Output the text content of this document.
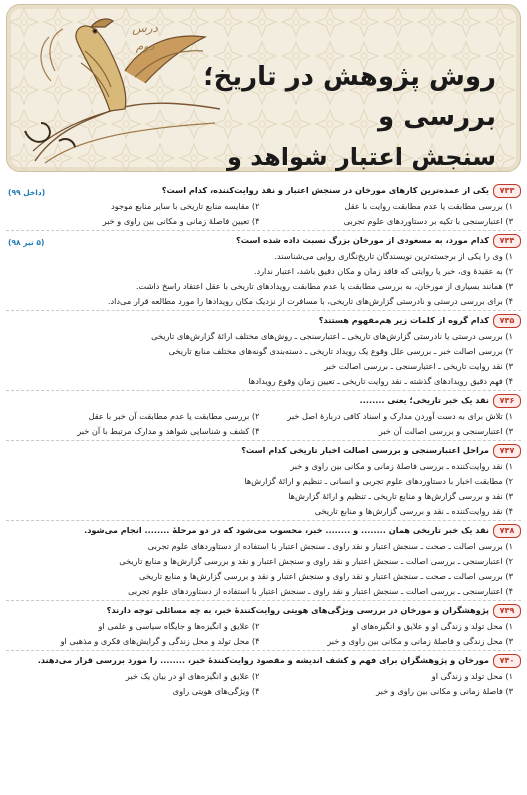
درس دوم
روش پژوهش در تاریخ؛ بررسی و
سنجش اعتبار شواهد و
۷۳۳
یکی از عمده‌ترین کارهای مورخان در سنجش اعتبار و نقد روایت‌کننده، کدام است؟
(داخل ۹۹)
۱) بررسی مطابقت یا عدم مطابقت روایت با عقل
۲) مقایسه منابع تاریخی با سایر منابع موجود
۳) اعتبارسنجی با تکیه بر دستاوردهای علوم تجربی
۴) تعیین فاصلهٔ زمانی و مکانی بین راوی و خبر
۷۳۴
کدام مورد، به مسعودی از مورخان بزرگ نسبت داده شده است؟
(۵ تیر ۹۸)
۱) وی را یکی از برجسته‌ترین نویسندگان تاریخ‌نگاری روایی می‌شناسند.
۲) به عقیدهٔ وی، خبر یا روایتی که فاقد زمان و مکان دقیق باشد، اعتبار ندارد.
۳) همانند بسیاری از مورخان، به بررسی مطابقت یا عدم مطابقت رویدادهای تاریخی با عقل اعتقاد راسخ داشت.
۴) برای بررسی درستی و نادرستی گزارش‌های تاریخی، با مسافرت از نزدیک مکان رویدادها را مورد مطالعه قرار می‌داد.
۷۳۵
کدام گروه از کلمات زیر هم‌مفهوم هستند؟
۱) بررسی درستی یا نادرستی گزارش‌های تاریخی ـ اعتبارسنجی ـ روش‌های مختلف ارائهٔ گزارش‌های تاریخی
۲) بررسی اصالت خبر ـ بررسی علل وقوع یک رویداد تاریخی ـ دسته‌بندی گونه‌های مختلف منابع تاریخی
۳) نقد روایت تاریخی ـ اعتبارسنجی ـ بررسی اصالت خبر
۴) فهم دقیق رویدادهای گذشته ـ نقد روایت تاریخی ـ تعیین زمان وقوع رویدادها
۷۳۶
نقد یک خبر تاریخی؛ یعنی ........
۱) تلاش برای به دست آوردن مدارک و اسناد کافی دربارهٔ اصل خبر
۲) بررسی مطابقت یا عدم مطابقت آن خبر با عقل
۳) اعتبارسنجی و بررسی اصالت آن خبر
۴) کشف و شناسایی شواهد و مدارک مرتبط با آن خبر
۷۳۷
مراحل اعتبارسنجی و بررسی اصالت اخبار تاریخی کدام است؟
۱) نقد روایت‌کننده ـ بررسی فاصلهٔ زمانی و مکانی بین راوی و خبر
۲) مطابقت اخبار با دستاوردهای علوم تجربی و انسانی ـ تنظیم و ارائهٔ گزارش‌ها
۳) نقد و بررسی گزارش‌ها و منابع تاریخی ـ تنظیم و ارائهٔ گزارش‌ها
۴) نقد روایت‌کننده ـ نقد و بررسی گزارش‌ها و منابع تاریخی
۷۳۸
نقد یک خبر تاریخی همان ........ و ........ خبر، محسوب می‌شود که در دو مرحلهٔ ........ انجام می‌شود.
۱) بررسی اصالت ـ صحت ـ سنجش اعتبار و نقد راوی ـ سنجش اعتبار با استفاده از دستاوردهای علوم تجربی
۲) اعتبارسنجی ـ بررسی اصالت ـ سنجش اعتبار و نقد راوی و سنجش اعتبار و نقد و بررسی گزارش‌ها و منابع تاریخی
۳) بررسی اصالت ـ صحت ـ سنجش اعتبار و نقد راوی و سنجش اعتبار و نقد و بررسی گزارش‌ها و منابع تاریخی
۴) اعتبارسنجی ـ بررسی اصالت ـ سنجش اعتبار و نقد راوی ـ سنجش اعتبار با استفاده از دستاوردهای علوم تجربی
۷۳۹
پژوهشگران و مورخان در بررسی ویژگی‌های هویتی روایت‌کنندهٔ خبر، به چه مسائلی توجه دارند؟
۱) محل تولد و زندگی او و علایق و انگیزه‌های او
۲) علایق و انگیزه‌ها و جایگاه سیاسی و علمی او
۳) محل زندگی و فاصلهٔ زمانی و مکانی بین راوی و خبر
۴) محل تولد و محل زندگی و گرایش‌های فکری و مذهبی او
۷۴۰
مورخان و پژوهشگران برای فهم و کشف اندیشه و مقصود روایت‌کنندهٔ خبر، ........ را مورد بررسی قرار می‌دهند.
۱) محل تولد و زندگی او
۲) علایق و انگیزه‌های او در بیان یک خبر
۳) فاصلهٔ زمانی و مکانی بین راوی و خبر
۴) ویژگی‌های هویتی راوی
